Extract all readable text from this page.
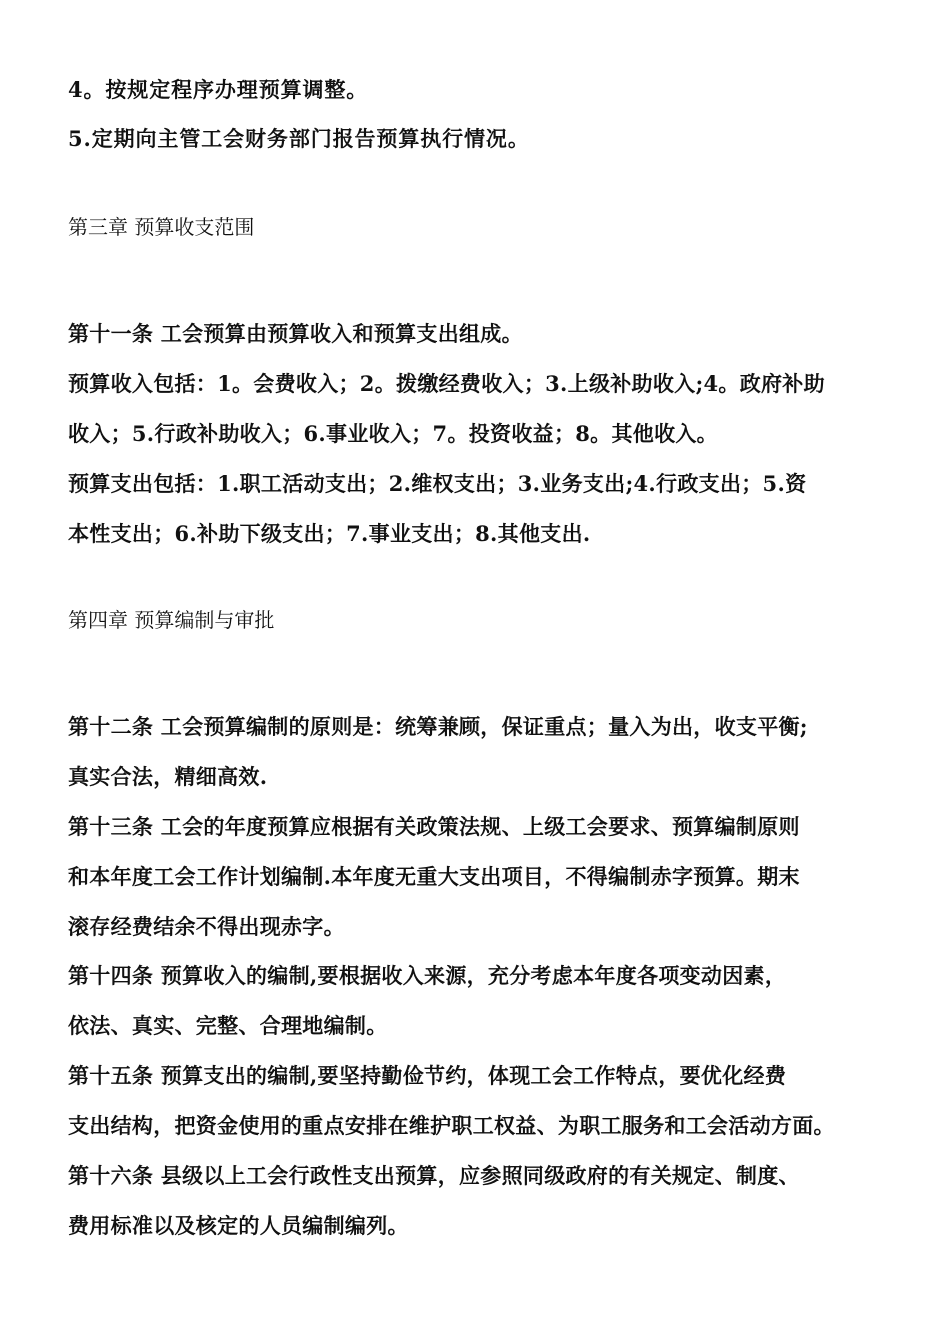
4。按规定程序办理预算调整。
5.定期向主管工会财务部门报告预算执行情况。
第三章 预算收支范围
第十一条 工会预算由预算收入和预算支出组成。
预算收入包括：1。会费收入；2。拨缴经费收入；3.上级补助收入;4。政府补助
收入；5.行政补助收入；6.事业收入；7。投资收益；8。其他收入。
预算支出包括：1.职工活动支出；2.维权支出；3.业务支出;4.行政支出；5.资
本性支出；6.补助下级支出；7.事业支出；8.其他支出.
第四章 预算编制与审批
第十二条 工会预算编制的原则是：统筹兼顾，保证重点；量入为出，收支平衡;
真实合法，精细高效.
第十三条 工会的年度预算应根据有关政策法规、上级工会要求、预算编制原则
和本年度工会工作计划编制.本年度无重大支出项目，不得编制赤字预算。期末
滚存经费结余不得出现赤字。
第十四条 预算收入的编制,要根据收入来源，充分考虑本年度各项变动因素，
依法、真实、完整、合理地编制。
第十五条 预算支出的编制,要坚持勤俭节约，体现工会工作特点，要优化经费
支出结构，把资金使用的重点安排在维护职工权益、为职工服务和工会活动方面。
第十六条 县级以上工会行政性支出预算，应参照同级政府的有关规定、制度、
费用标准以及核定的人员编制编列。
